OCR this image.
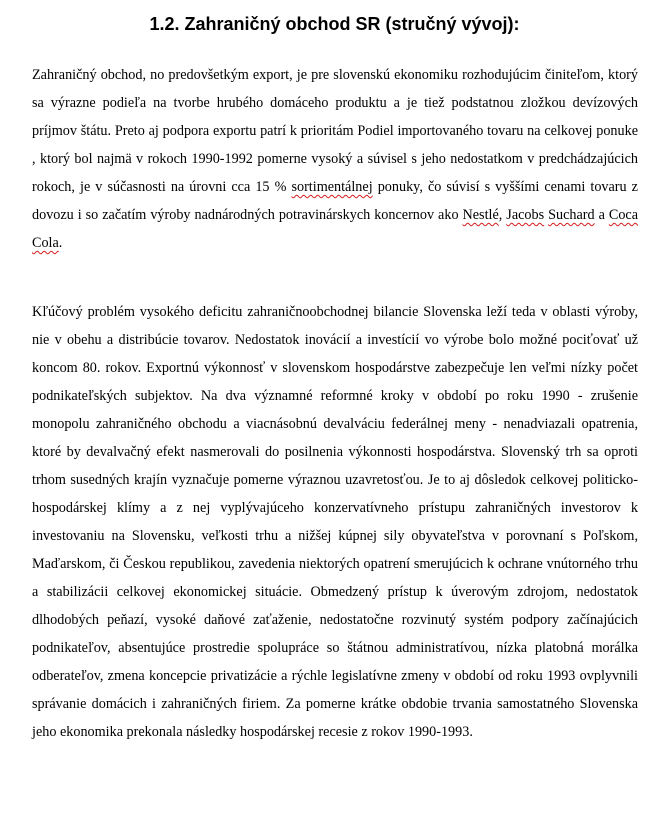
1.2. Zahraničný obchod SR (stručný vývoj):

Zahraničný obchod, no predovšetkým export, je pre slovenskú ekonomiku rozhodujúcim činiteľom, ktorý sa výrazne podieľa na tvorbe hrubého domáceho produktu a je tiež podstatnou zložkou devízových príjmov štátu. Preto aj podpora exportu patrí k prioritám Podiel importovaného tovaru na celkovej ponuke , ktorý bol najmä v rokoch 1990-1992 pomerne vysoký a súvisel s jeho nedostatkom v predchádzajúcich rokoch, je v súčasnosti na úrovni cca 15 % sortimentálnej ponuky, čo súvisí s vyššími cenami tovaru z dovozu i so začatím výroby nadnárodných potravinárskych koncernov ako Nestlé, Jacobs Suchard a Coca Cola.

Kľúčový problém vysokého deficitu zahraničnoobchodnej bilancie Slovenska leží teda v oblasti výroby, nie v obehu a distribúcie tovarov. Nedostatok inovácií a investícií vo výrobe bolo možné pociťovať už koncom 80. rokov. Exportnú výkonnosť v slovenskom hospodárstve zabezpečuje len veľmi nízky počet podnikateľských subjektov. Na dva významné reformné kroky v období po roku 1990 - zrušenie monopolu zahraničného obchodu a viacnásobnú devalváciu federálnej meny - nenadviazali opatrenia, ktoré by devalvačný efekt nasmerovali do posilnenia výkonnosti hospodárstva. Slovenský trh sa oproti trhom susedných krajín vyznačuje pomerne výraznou uzavretosťou. Je to aj dôsledok celkovej politicko-hospodárskej klímy a z nej vyplývajúceho konzervatívneho prístupu zahraničných investorov k investovaniu na Slovensku, veľkosti trhu a nižšej kúpnej sily obyvateľstva v porovnaní s Poľskom, Maďarskom, či Českou republikou, zavedenia niektorých opatrení smerujúcich k ochrane vnútorného trhu a stabilizácii celkovej ekonomickej situácie. Obmedzený prístup k úverovým zdrojom, nedostatok dlhodobých peňazí, vysoké daňové zaťaženie, nedostatočne rozvinutý systém podpory začínajúcich podnikateľov, absentujúce prostredie spolupráce so štátnou administratívou, nízka platobná morálka odberateľov, zmena koncepcie privatizácie a rýchle legislatívne zmeny v období od roku 1993 ovplyvnili správanie domácich i zahraničných firiem. Za pomerne krátke obdobie trvania samostatného Slovenska jeho ekonomika prekonala následky hospodárskej recesie z rokov 1990-1993.
